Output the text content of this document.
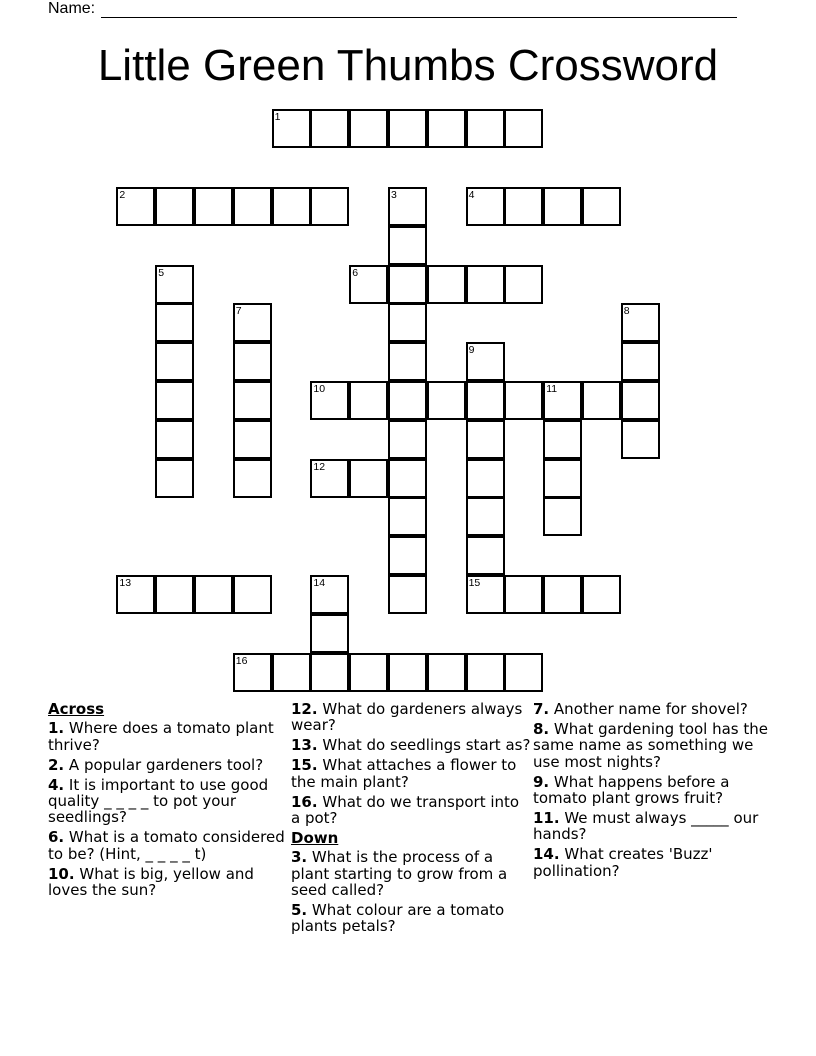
Name:
Little Green Thumbs Crossword
1
2	3	4
5	6
7	8
9
10	11
12
13	14	15
16
Across
1. Where does a tomato plant thrive?
2. A popular gardeners tool?
4. It is important to use good quality _ _ _ _ to pot your seedlings?
6. What is a tomato considered to be? (Hint, _ _ _ _ t)
10. What is big, yellow and loves the sun?
12. What do gardeners always wear?
13. What do seedlings start as?
15. What attaches a flower to the main plant?
16. What do we transport into a pot?
Down
3. What is the process of a plant starting to grow from a seed called?
5. What colour are a tomato plants petals?
7. Another name for shovel?
8. What gardening tool has the same name as something we use most nights?
9. What happens before a tomato plant grows fruit?
11. We must always _____ our hands?
14. What creates 'Buzz' pollination?
